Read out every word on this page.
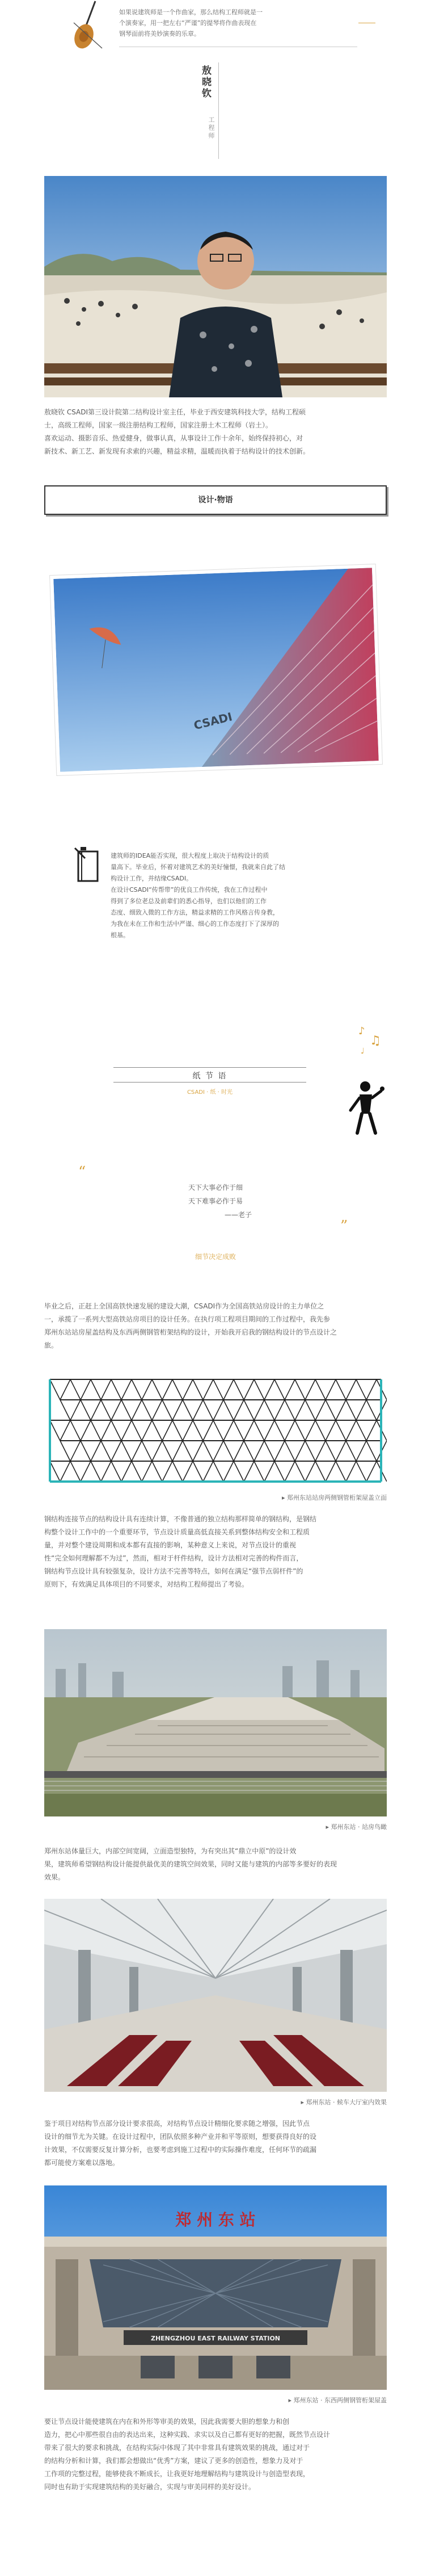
如果说建筑师是一个作曲家，那么结构工程师就是一
个演奏家，用一把左右“严谨”的提琴将作曲表现在
钢琴面前将美妙演奏的乐章。
敖晓钦
工程师

敖晓钦 CSADI第三设计院第二结构设计室主任，毕业于西安建筑科技大学，结构工程硕

士，高级工程师，国家一级注册结构工程师，国家注册土木工程师（岩土）。

喜欢运动、摄影音乐、热爱健身，做事认真，从事设计工作十余年，始终保持初心，对

新技术、新工艺、新发现有求索的兴趣，精益求精，温暖而执着于结构设计的技术创新。

设计·物语
CSADI
建筑师的IDEA能否实现，很大程度上取决于结构设计的质
量高下。毕业后，怀着对建筑艺术的美好憧憬，我就来自此了结
构设计工作，并结缘CSADI。
在设计CSADI“传帮带”的优良工作传统，我在工作过程中
得到了多位老总及前辈们的悉心指导，也们以他们的工作
态度、细致入微的工作方法，精益求精的工作风格言传身教，
为我在未在工作和生活中严谨、细心的工作态度打下了深厚的
根基。
♪
♫
♩
纸 节 语
CSADI · 纸 · 时光
“
”
天下大事必作于细
天下难事必作于易
——老子
细节决定成败

毕业之后，正赶上全国高铁快速发展的建设大潮，CSADI作为全国高铁站房设计的主力单位之

一，承揽了一系列大型高铁站房项目的设计任务。在执行项工程项目期间的工作过程中，我先参

郑州东站站房屋盖结构及东西两侧钢管桁架结构的设计，开始我开启我的钢结构设计的节点设计之

旅。

▸ 郑州东站站房两侧钢管桁架屋盖立面

钢结构连接节点的结构设计具有连续计算，不像普通的独立结构那样简单的钢结构，是钢结

构整个设计工作中的一个重要环节，节点设计质量高低直接关系到整体结构安全和工程质

量，并对整个建设周期和成本都有直接的影响，某种意义上来说，对节点设计的重视

性“完全如何理解都不为过”，然而，相对于杆件结构，设计方法相对完善的构件而言，

钢结构节点设计具有较强复杂，设计方法不完善等特点，如何在满足“强节点弱杆件”的

原则下，有效满足具体项目的不同要求，对结构工程师提出了考验。

▸ 郑州东站 · 站房鸟瞰

郑州东站体量巨大，内部空间宽阔，立面造型独特，为有突出其“鼎立中原”的设计效

果，建筑师希望钢结构设计能提供最优美的建筑空间效果，同时又能与建筑的内部等多要好的表现

效果。

▸ 郑州东站 · 候车大厅室内效果

鉴于项目对结构节点部分设计要求很高，对结构节点设计精细化要求随之增强，因此节点

设计的细节尤为关键。在设计过程中，团队依照多种产业并和平等原则，想要获得良好的设

计效果，不仅需要反复计算分析，也要考虑到施工过程中的实际操作难度，任何环节的疏漏

都可能使方案难以落地。

郑 州 东 站
ZHENGZHOU EAST RAILWAY STATION
▸ 郑州东站 · 东西两侧钢管桁架屋盖

要让节点设计能使建筑在内在和外形等审美的效果，因此我需要大胆的想象力和创

造力，把心中那些很自由的表达出来，这种实践、求实以及自己都有更好的把握，既然节点设计

带来了很大的要求和挑战，在结构实际中体现了其中非常具有建筑效果的挑战，通过对于

的结构分析和计算，我们都会想做出“优秀”方案，建议了更多的创造性，想象力及对于

工作项的完整过程，能够使我不断成长，让我更好地理解结构与建筑设计与创造型表现，

同时也有助于实现建筑结构的美好融合，实现与审美同样的美好设计。
